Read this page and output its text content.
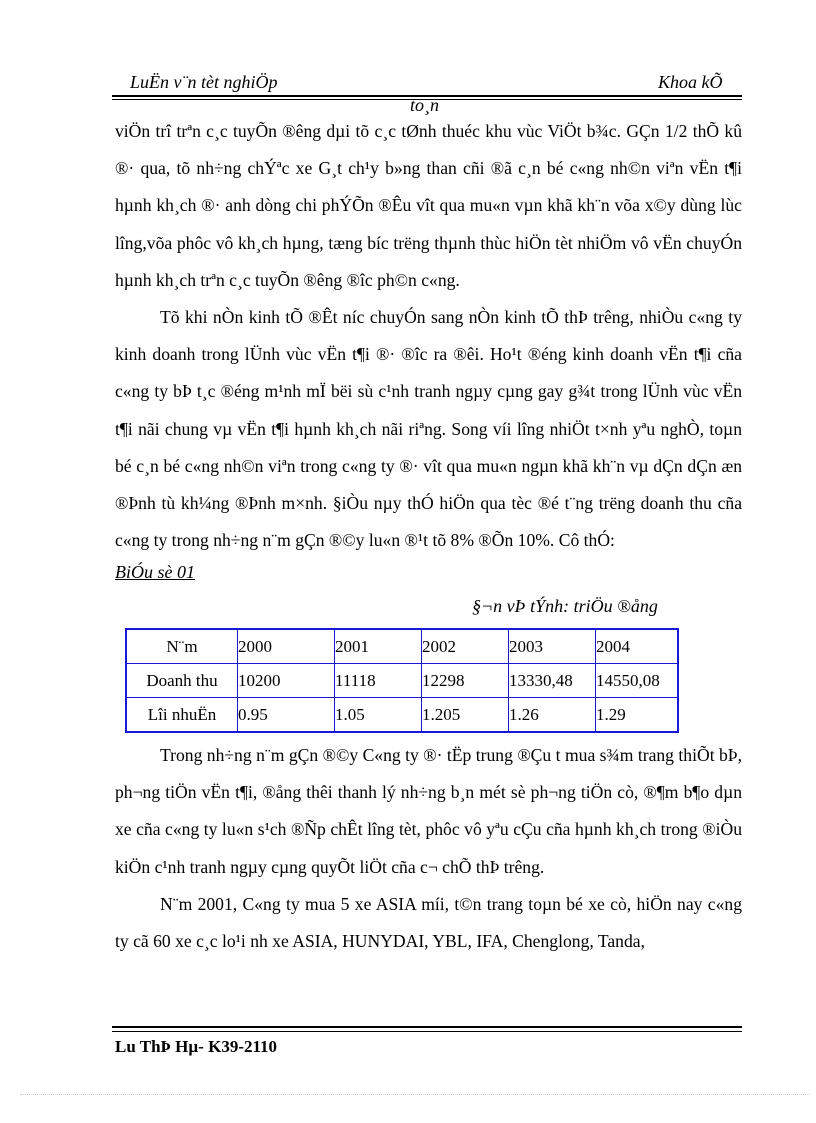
LuËn v¨n tèt nghiÖp	Khoa kÕ
to¸n

viÖn trî trªn c¸c tuyÕn ®êng dµi tõ c¸c tØnh thuéc khu vùc ViÖt b¾c. GÇn 1/2 thÕ kû ®· qua, tõ nh÷ng chÝªc xe G¸t ch¹y b»ng than cñi ®ã c¸n bé c«ng nh©n viªn vËn t¶i hµnh kh¸ch ®· anh dòng chi phÝÕn ®Êu vît qua mu«n vµn khã kh¨n võa x©y dùng lùc lîng,võa phôc vô kh¸ch hµng, tæng bíc trëng thµnh thùc hiÖn tèt nhiÖm vô vËn chuyÓn hµnh kh¸ch trªn c¸c tuyÕn ®êng ®îc ph©n c«ng.

Tõ khi nÒn kinh tÕ ®Êt níc chuyÓn sang nÒn kinh tÕ thÞ trêng, nhiÒu c«ng ty kinh doanh trong lÜnh vùc vËn t¶i ®· ®îc ra ®êi. Ho¹t ®éng kinh doanh vËn t¶i cña c«ng ty bÞ t¸c ®éng m¹nh mÏ bëi sù c¹nh tranh ngµy cµng gay g¾t trong lÜnh vùc vËn t¶i nãi chung vµ vËn t¶i hµnh kh¸ch nãi riªng. Song víi lîng nhiÖt t×nh yªu nghÒ, toµn bé c¸n bé c«ng nh©n viªn trong c«ng ty ®· vît qua mu«n ngµn khã kh¨n vµ dÇn dÇn æn ®Þnh tù kh¼ng ®Þnh m×nh. §iÒu nµy thÓ hiÖn qua tèc ®é t¨ng trëng doanh thu cña c«ng ty trong nh÷ng n¨m gÇn ®©y lu«n ®¹t tõ 8% ®Õn 10%. Cô thÓ:

BiÓu sè 01
§¬n vÞ tÝnh: triÖu ®ång
N¨m	2000	2001	2002	2003	2004
Doanh thu	10200	11118	12298	13330,48	14550,08
Lîi nhuËn	0.95	1.05	1.205	1.26	1.29

Trong nh÷ng n¨m gÇn ®©y C«ng ty ®· tËp trung ®Çu t mua s¾m trang thiÕt bÞ, ph¬ng tiÖn vËn t¶i, ®ång thêi thanh lý nh÷ng b¸n mét sè ph¬ng tiÖn cò, ®¶m b¶o dµn xe cña c«ng ty lu«n s¹ch ®Ñp chÊt lîng tèt, phôc vô yªu cÇu cña hµnh kh¸ch trong ®iÒu kiÖn c¹nh tranh ngµy cµng quyÕt liÖt cña c¬ chÕ thÞ trêng.

N¨m 2001, C«ng ty mua 5 xe ASIA míi, t©n trang toµn bé xe cò, hiÖn nay c«ng ty cã 60 xe c¸c lo¹i nh xe ASIA, HUNYDAI, YBL, IFA, Chenglong, Tanda,

Lu ThÞ Hµ- K39-2110
